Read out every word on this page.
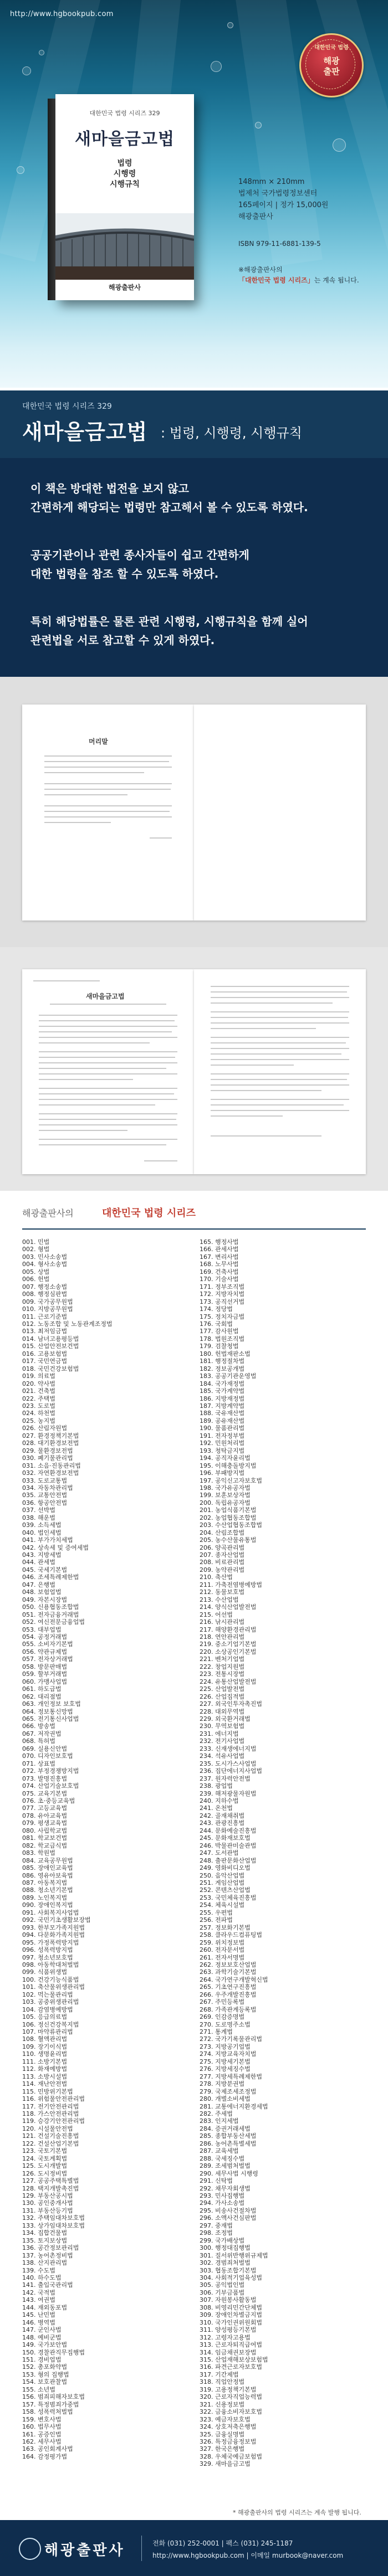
http://www.hgbookpub.com
대한민국 법령
해광
출판
대한민국 법령 시리즈 329
새마을금고법
법령
시행령
시행규칙
해광출판사
148mm × 210mm
법제처 국가법령정보센터
165페이지 | 정가 15,000원
해광출판사
ISBN 979-11-6881-139-5
※해광출판사의
「대한민국 법령 시리즈」는 계속 됩니다.
대한민국 법령 시리즈 329
새마을금고법 : 법령, 시행령, 시행규칙
이 책은 방대한 법전을 보지 않고
간편하게 해당되는 법령만 참고해서 볼 수 있도록 하였다.
공공기관이나 관련 종사자들이 쉽고 간편하게
대한 법령을 참조 할 수 있도록 하였다.
특히 해당법률은 물론 관련 시행령, 시행규칙을 함께 실어
관련법을 서로 참고할 수 있게 하였다.
머리말
새마을금고법
해광출판사의	대한민국 법령 시리즈
001. 민법
002. 형법
003. 민사소송법
004. 형사소송법
005. 상법
006. 헌법
007. 행정소송법
008. 행정심판법
009. 국가공무원법
010. 지방공무원법
011. 근로기준법
012. 노동조합 및 노동관계조정법
013. 최저임금법
014. 남녀고용평등법
015. 산업안전보건법
016. 고용보험법
017. 국민연금법
018. 국민건강보험법
019. 의료법
020. 약사법
021. 건축법
022. 주택법
023. 도로법
024. 하천법
025. 농지법
026. 산림자원법
027. 환경정책기본법
028. 대기환경보전법
029. 물환경보전법
030. 폐기물관리법
031. 소음·진동관리법
032. 자연환경보전법
033. 도로교통법
034. 자동차관리법
035. 교통안전법
036. 항공안전법
037. 선박법
038. 해운법
039. 소득세법
040. 법인세법
041. 부가가치세법
042. 상속세 및 증여세법
043. 지방세법
044. 관세법
045. 국세기본법
046. 조세특례제한법
047. 은행법
048. 보험업법
049. 자본시장법
050. 신용협동조합법
051. 전자금융거래법
052. 여신전문금융업법
053. 대부업법
054. 공정거래법
055. 소비자기본법
056. 약관규제법
057. 전자상거래법
058. 방문판매법
059. 할부거래법
060. 가맹사업법
061. 하도급법
062. 대리점법
063. 개인정보 보호법
064. 정보통신망법
065. 전기통신사업법
066. 방송법
067. 저작권법
068. 특허법
069. 실용신안법
070. 디자인보호법
071. 상표법
072. 부정경쟁방지법
073. 발명진흥법
074. 산업기술보호법
075. 교육기본법
076. 초·중등교육법
077. 고등교육법
078. 유아교육법
079. 평생교육법
080. 사립학교법
081. 학교보건법
082. 학교급식법
083. 학원법
084. 교육공무원법
085. 장애인교육법
086. 영유아보육법
087. 아동복지법
088. 청소년기본법
089. 노인복지법
090. 장애인복지법
091. 사회복지사업법
092. 국민기초생활보장법
093. 한부모가족지원법
094. 다문화가족지원법
095. 가정폭력방지법
096. 성폭력방지법
097. 청소년보호법
098. 아동학대처벌법
099. 식품위생법
100. 건강기능식품법
101. 축산물위생관리법
102. 먹는물관리법
103. 공중위생관리법
104. 감염병예방법
105. 응급의료법
106. 정신건강복지법
107. 마약류관리법
108. 혈액관리법
109. 장기이식법
110. 생명윤리법
111. 소방기본법
112. 화재예방법
113. 소방시설법
114. 재난안전법
115. 민방위기본법
116. 위험물안전관리법
117. 전기안전관리법
118. 가스안전관리법
119. 승강기안전관리법
120. 시설물안전법
121. 건설기술진흥법
122. 건설산업기본법
123. 국토기본법
124. 국토계획법
125. 도시개발법
126. 도시정비법
127. 공공주택특별법
128. 택지개발촉진법
129. 부동산공시법
130. 공인중개사법
131. 부동산등기법
132. 주택임대차보호법
133. 상가임대차보호법
134. 집합건물법
135. 토지보상법
136. 공간정보관리법
137. 농어촌정비법
138. 산지관리법
139. 수도법
140. 하수도법
141. 출입국관리법
142. 국적법
143. 여권법
144. 재외동포법
145. 난민법
146. 병역법
147. 군인사법
148. 예비군법
149. 국가보안법
150. 경찰관직무집행법
151. 경비업법
152. 총포화약법
153. 형의 집행법
154. 보호관찰법
155. 소년법
156. 범죄피해자보호법
157. 특정범죄가중법
158. 성폭력처벌법
159. 변호사법
160. 법무사법
161. 공증인법
162. 세무사법
163. 공인회계사법
164. 감정평가법
165. 행정사법
166. 관세사법
167. 변리사법
168. 노무사법
169. 건축사법
170. 기술사법
171. 정부조직법
172. 지방자치법
173. 공직선거법
174. 정당법
175. 정치자금법
176. 국회법
177. 감사원법
178. 법원조직법
179. 검찰청법
180. 헌법재판소법
181. 행정절차법
182. 정보공개법
183. 공공기관운영법
184. 국가재정법
185. 국가계약법
186. 지방재정법
187. 지방계약법
188. 국유재산법
189. 공유재산법
190. 물품관리법
191. 전자정부법
192. 민원처리법
193. 청탁금지법
194. 공직자윤리법
195. 이해충돌방지법
196. 부패방지법
197. 공익신고자보호법
198. 국가유공자법
199. 보훈보상자법
200. 독립유공자법
201. 농업식품기본법
202. 농업협동조합법
203. 수산업협동조합법
204. 산림조합법
205. 농수산물유통법
206. 양곡관리법
207. 종자산업법
208. 비료관리법
209. 농약관리법
210. 축산법
211. 가축전염병예방법
212. 동물보호법
213. 수산업법
214. 양식산업발전법
215. 어선법
216. 낚시관리법
217. 해양환경관리법
218. 연안관리법
219. 중소기업기본법
220. 소상공인기본법
221. 벤처기업법
222. 창업지원법
223. 전통시장법
224. 유통산업발전법
225. 산업발전법
226. 산업집적법
227. 외국인투자촉진법
228. 대외무역법
229. 외국환거래법
230. 무역보험법
231. 에너지법
232. 전기사업법
233. 신재생에너지법
234. 석유사업법
235. 도시가스사업법
236. 집단에너지사업법
237. 원자력안전법
238. 광업법
239. 해저광물자원법
240. 지하수법
241. 온천법
242. 골재채취법
243. 관광진흥법
244. 문화예술진흥법
245. 문화재보호법
246. 박물관미술관법
247. 도서관법
248. 출판문화산업법
249. 영화비디오법
250. 음악산업법
251. 게임산업법
252. 콘텐츠산업법
253. 국민체육진흥법
254. 체육시설법
255. 우편법
256. 전파법
257. 정보화기본법
258. 클라우드컴퓨팅법
259. 위치정보법
260. 전자문서법
261. 전자서명법
262. 정보보호산업법
263. 과학기술기본법
264. 국가연구개발혁신법
265. 기초연구진흥법
266. 우주개발진흥법
267. 주민등록법
268. 가족관계등록법
269. 인감증명법
270. 도로명주소법
271. 통계법
272. 국가기록물관리법
273. 지방공기업법
274. 지방교육자치법
275. 지방세기본법
276. 지방세징수법
277. 지방세특례제한법
278. 지방분권법
279. 국제조세조정법
280. 개별소비세법
281. 교통에너지환경세법
282. 주세법
283. 인지세법
284. 증권거래세법
285. 종합부동산세법
286. 농어촌특별세법
287. 교육세법
288. 국세징수법
289. 조세범처벌법
290. 세무사법 시행령
291. 신탁법
292. 채무자회생법
293. 민사집행법
294. 가사소송법
295. 비송사건절차법
296. 소액사건심판법
297. 중재법
298. 조정법
299. 국가배상법
300. 행정대집행법
301. 질서위반행위규제법
302. 경범죄처벌법
303. 협동조합기본법
304. 사회적기업육성법
305. 공익법인법
306. 기부금품법
307. 자원봉사활동법
308. 비영리민간단체법
309. 장애인차별금지법
310. 국가인권위원회법
311. 양성평등기본법
312. 고령자고용법
313. 근로자퇴직급여법
314. 임금채권보장법
315. 산업재해보상보험법
316. 파견근로자보호법
317. 기간제법
318. 직업안정법
319. 고용정책기본법
320. 근로자직업능력법
321. 신용정보법
322. 금융소비자보호법
323. 예금자보호법
324. 상호저축은행법
325. 금융실명법
326. 특정금융정보법
327. 한국은행법
328. 우체국예금보험법
329. 새마을금고법
* 해광출판사의 법령 시리즈는 계속 발행 됩니다.
해광출판사	전화 (031) 252-0001 | 팩스 (031) 245-1187
http://www.hgbookpub.com | 이메일 murbook@naver.com
